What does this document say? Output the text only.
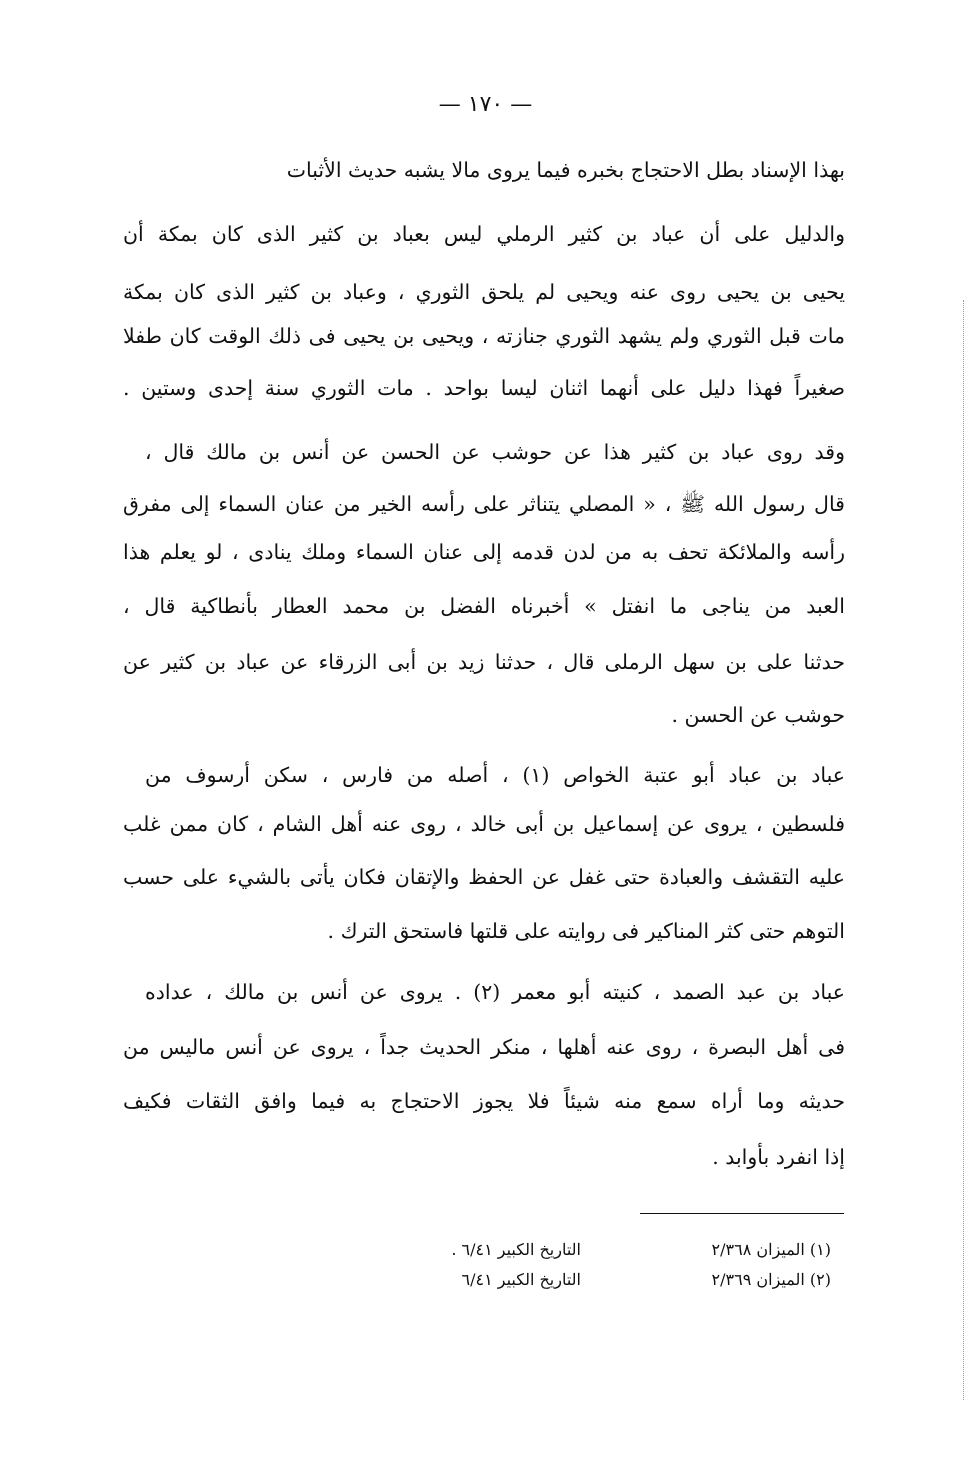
— ١٧٠ —
بهذا الإسناد بطل الاحتجاج بخبره فيما يروى مالا يشبه حديث الأثبات
والدليل على أن عباد بن كثير الرملي ليس بعباد بن كثير الذى كان بمكة أن
يحيى بن يحيى روى عنه ويحيى لم يلحق الثوري ، وعباد بن كثير الذى كان بمكة
مات قبل الثوري ولم يشهد الثوري جنازته ، ويحيى بن يحيى فى ذلك الوقت كان طفلا
صغيراً فهذا دليل على أنهما اثنان ليسا بواحد . مات الثوري سنة إحدى وستين .
وقد روى عباد بن كثير هذا عن حوشب عن الحسن عن أنس بن مالك قال ،
قال رسول الله ﷺ ، « المصلي يتناثر على رأسه الخير من عنان السماء إلى مفرق
رأسه والملائكة تحف به من لدن قدمه إلى عنان السماء وملك ينادى ، لو يعلم هذا
العبد من يناجى ما انفتل » أخبرناه الفضل بن محمد العطار بأنطاكية قال ،
حدثنا على بن سهل الرملى قال ، حدثنا زيد بن أبى الزرقاء عن عباد بن كثير عن
حوشب عن الحسن .
عباد بن عباد أبو عتبة الخواص (١) ، أصله من فارس ، سكن أرسوف من
فلسطين ، يروى عن إسماعيل بن أبى خالد ، روى عنه أهل الشام ، كان ممن غلب
عليه التقشف والعبادة حتى غفل عن الحفظ والإتقان فكان يأتى بالشيء على حسب
التوهم حتى كثر المناكير فى روايته على قلتها فاستحق الترك .
عباد بن عبد الصمد ، كنيته أبو معمر (٢) . يروى عن أنس بن مالك ، عداده
فى أهل البصرة ، روى عنه أهلها ، منكر الحديث جداً ، يروى عن أنس ماليس من
حديثه وما أراه سمع منه شيئاً فلا يجوز الاحتجاج به فيما وافق الثقات فكيف
إذا انفرد بأوابد .
(١) الميزان ٢/٣٦٨
التاريخ الكبير ٦/٤١ .
(٢) الميزان ٢/٣٦٩
التاريخ الكبير ٦/٤١
